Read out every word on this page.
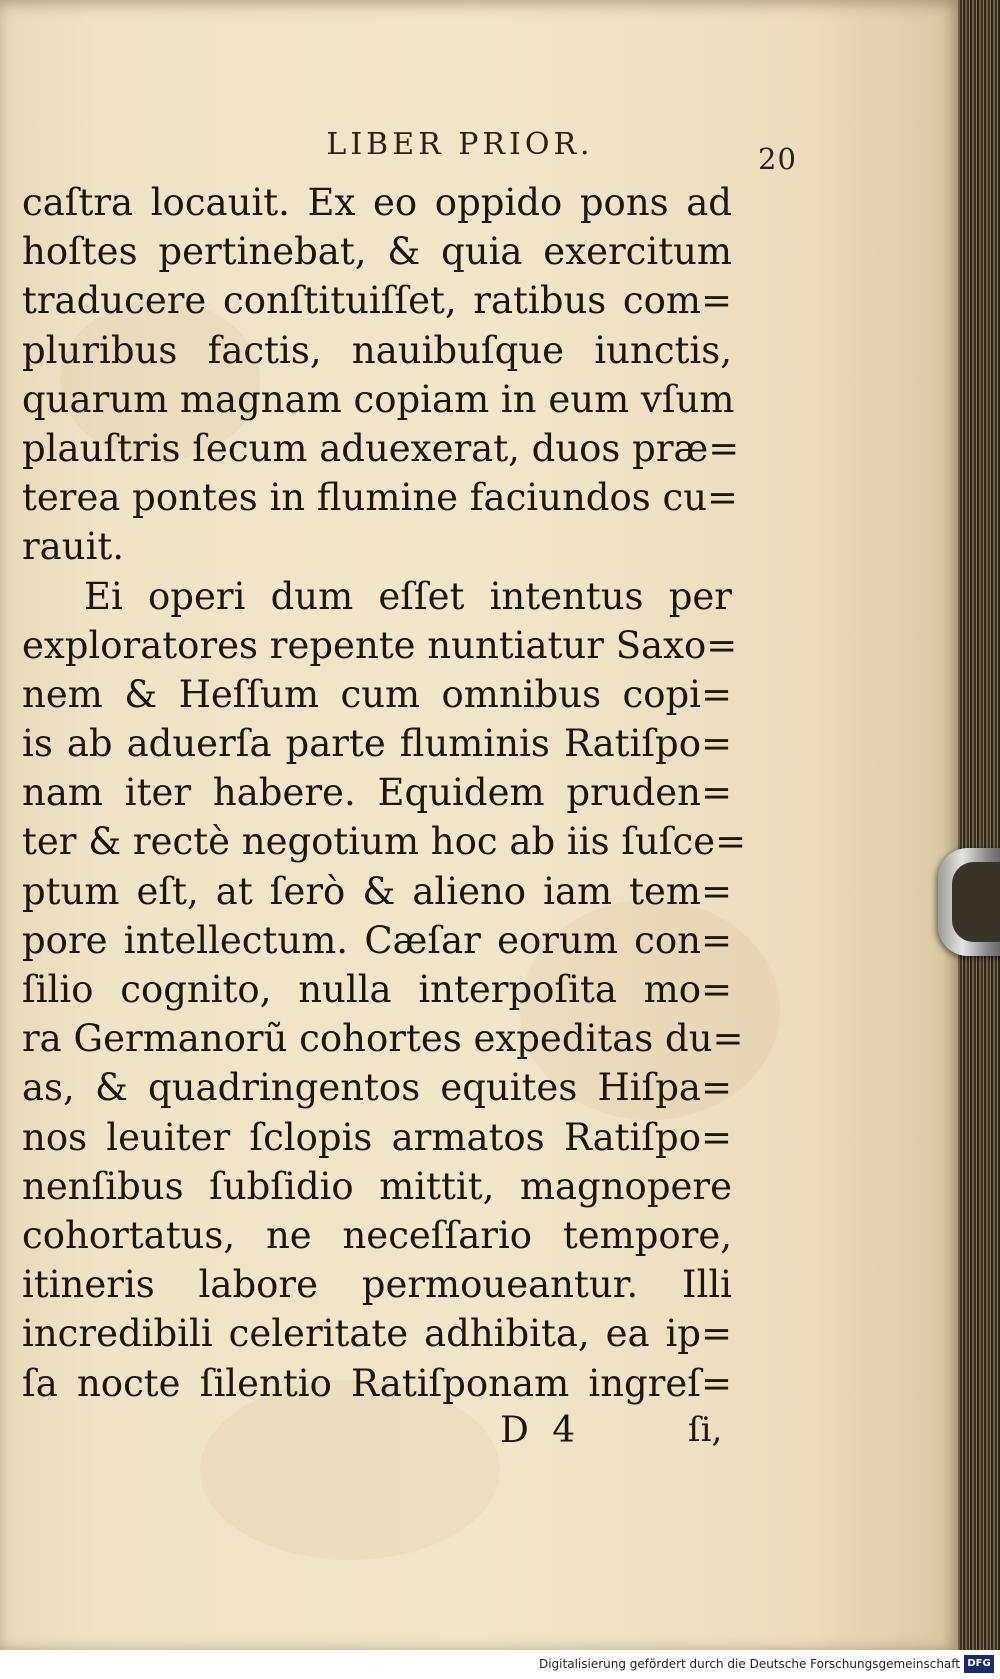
LIBER PRIOR.	20
caſtra locauit. Ex eo oppido pons ad
hoſtes pertinebat, & quia exercitum
traducere conſtituiſſet, ratibus com=
pluribus factis, nauibuſque iunctis,
quarum magnam copiam in eum vſum
plauſtris ſecum aduexerat, duos præ=
terea pontes in flumine faciundos cu=
rauit.
Ei operi dum eſſet intentus per
exploratores repente nuntiatur Saxo=
nem & Heſſum cum omnibus copi=
is ab aduerſa parte fluminis Ratiſpo=
nam iter habere. Equidem pruden=
ter & rectè negotium hoc ab iis ſuſce=
ptum eſt, at ſerò & alieno iam tem=
pore intellectum. Cæſar eorum con=
ſilio cognito, nulla interpoſita mo=
ra Germanorũ cohortes expeditas du=
as, & quadringentos equites Hiſpa=
nos leuiter ſclopis armatos Ratiſpo=
nenſibus ſubſidio mittit, magnopere
cohortatus, ne neceſſario tempore,
itineris labore permoueantur. Illi
incredibili celeritate adhibita, ea ip=
ſa nocte ſilentio Ratiſponam ingreſ=
D 4	ſi,
Digitalisierung gefördert durch die Deutsche Forschungsgemeinschaft DFG
